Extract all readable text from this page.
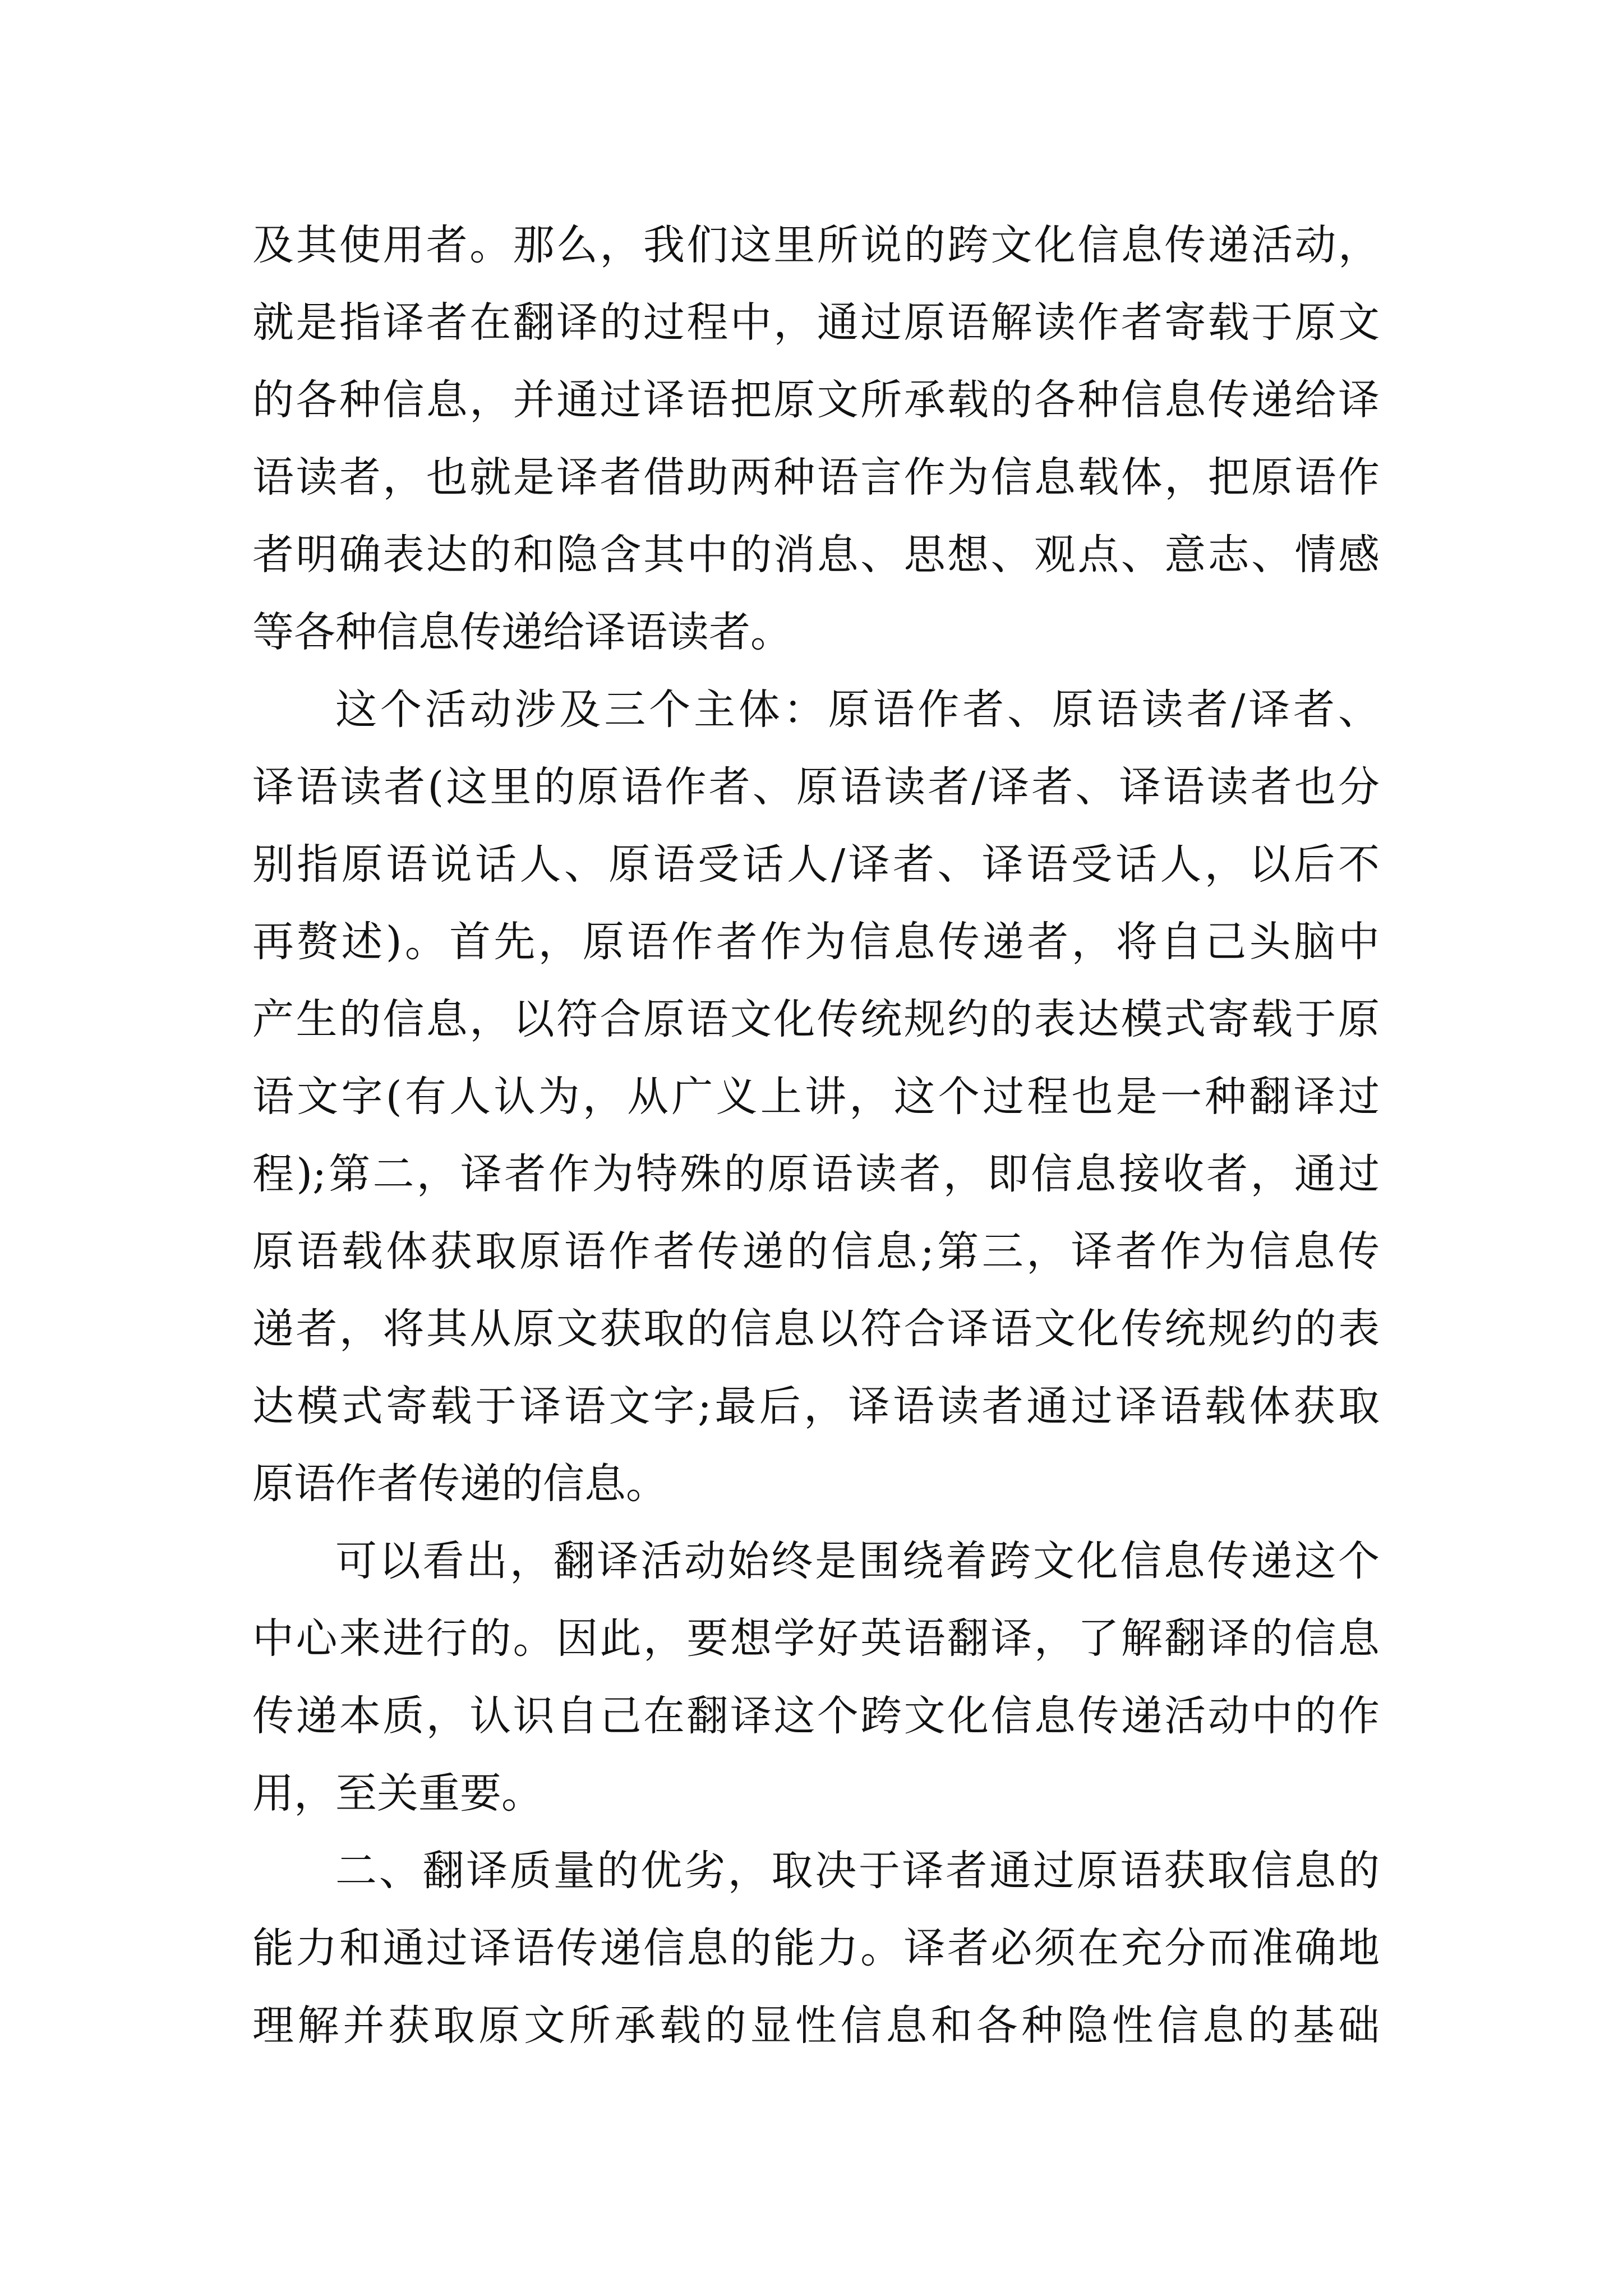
及其使用者。那么，我们这里所说的跨文化信息传递活动，
就是指译者在翻译的过程中，通过原语解读作者寄载于原文
的各种信息，并通过译语把原文所承载的各种信息传递给译
语读者，也就是译者借助两种语言作为信息载体，把原语作
者明确表达的和隐含其中的消息、思想、观点、意志、情感
等各种信息传递给译语读者。
这个活动涉及三个主体：原语作者、原语读者/译者、
译语读者(这里的原语作者、原语读者/译者、译语读者也分
别指原语说话人、原语受话人/译者、译语受话人，以后不
再赘述)。首先，原语作者作为信息传递者，将自己头脑中
产生的信息，以符合原语文化传统规约的表达模式寄载于原
语文字(有人认为，从广义上讲，这个过程也是一种翻译过
程);第二，译者作为特殊的原语读者，即信息接收者，通过
原语载体获取原语作者传递的信息;第三，译者作为信息传
递者，将其从原文获取的信息以符合译语文化传统规约的表
达模式寄载于译语文字;最后，译语读者通过译语载体获取
原语作者传递的信息。
可以看出，翻译活动始终是围绕着跨文化信息传递这个
中心来进行的。因此，要想学好英语翻译，了解翻译的信息
传递本质，认识自己在翻译这个跨文化信息传递活动中的作
用，至关重要。
二、翻译质量的优劣，取决于译者通过原语获取信息的
能力和通过译语传递信息的能力。译者必须在充分而准确地
理解并获取原文所承载的显性信息和各种隐性信息的基础
